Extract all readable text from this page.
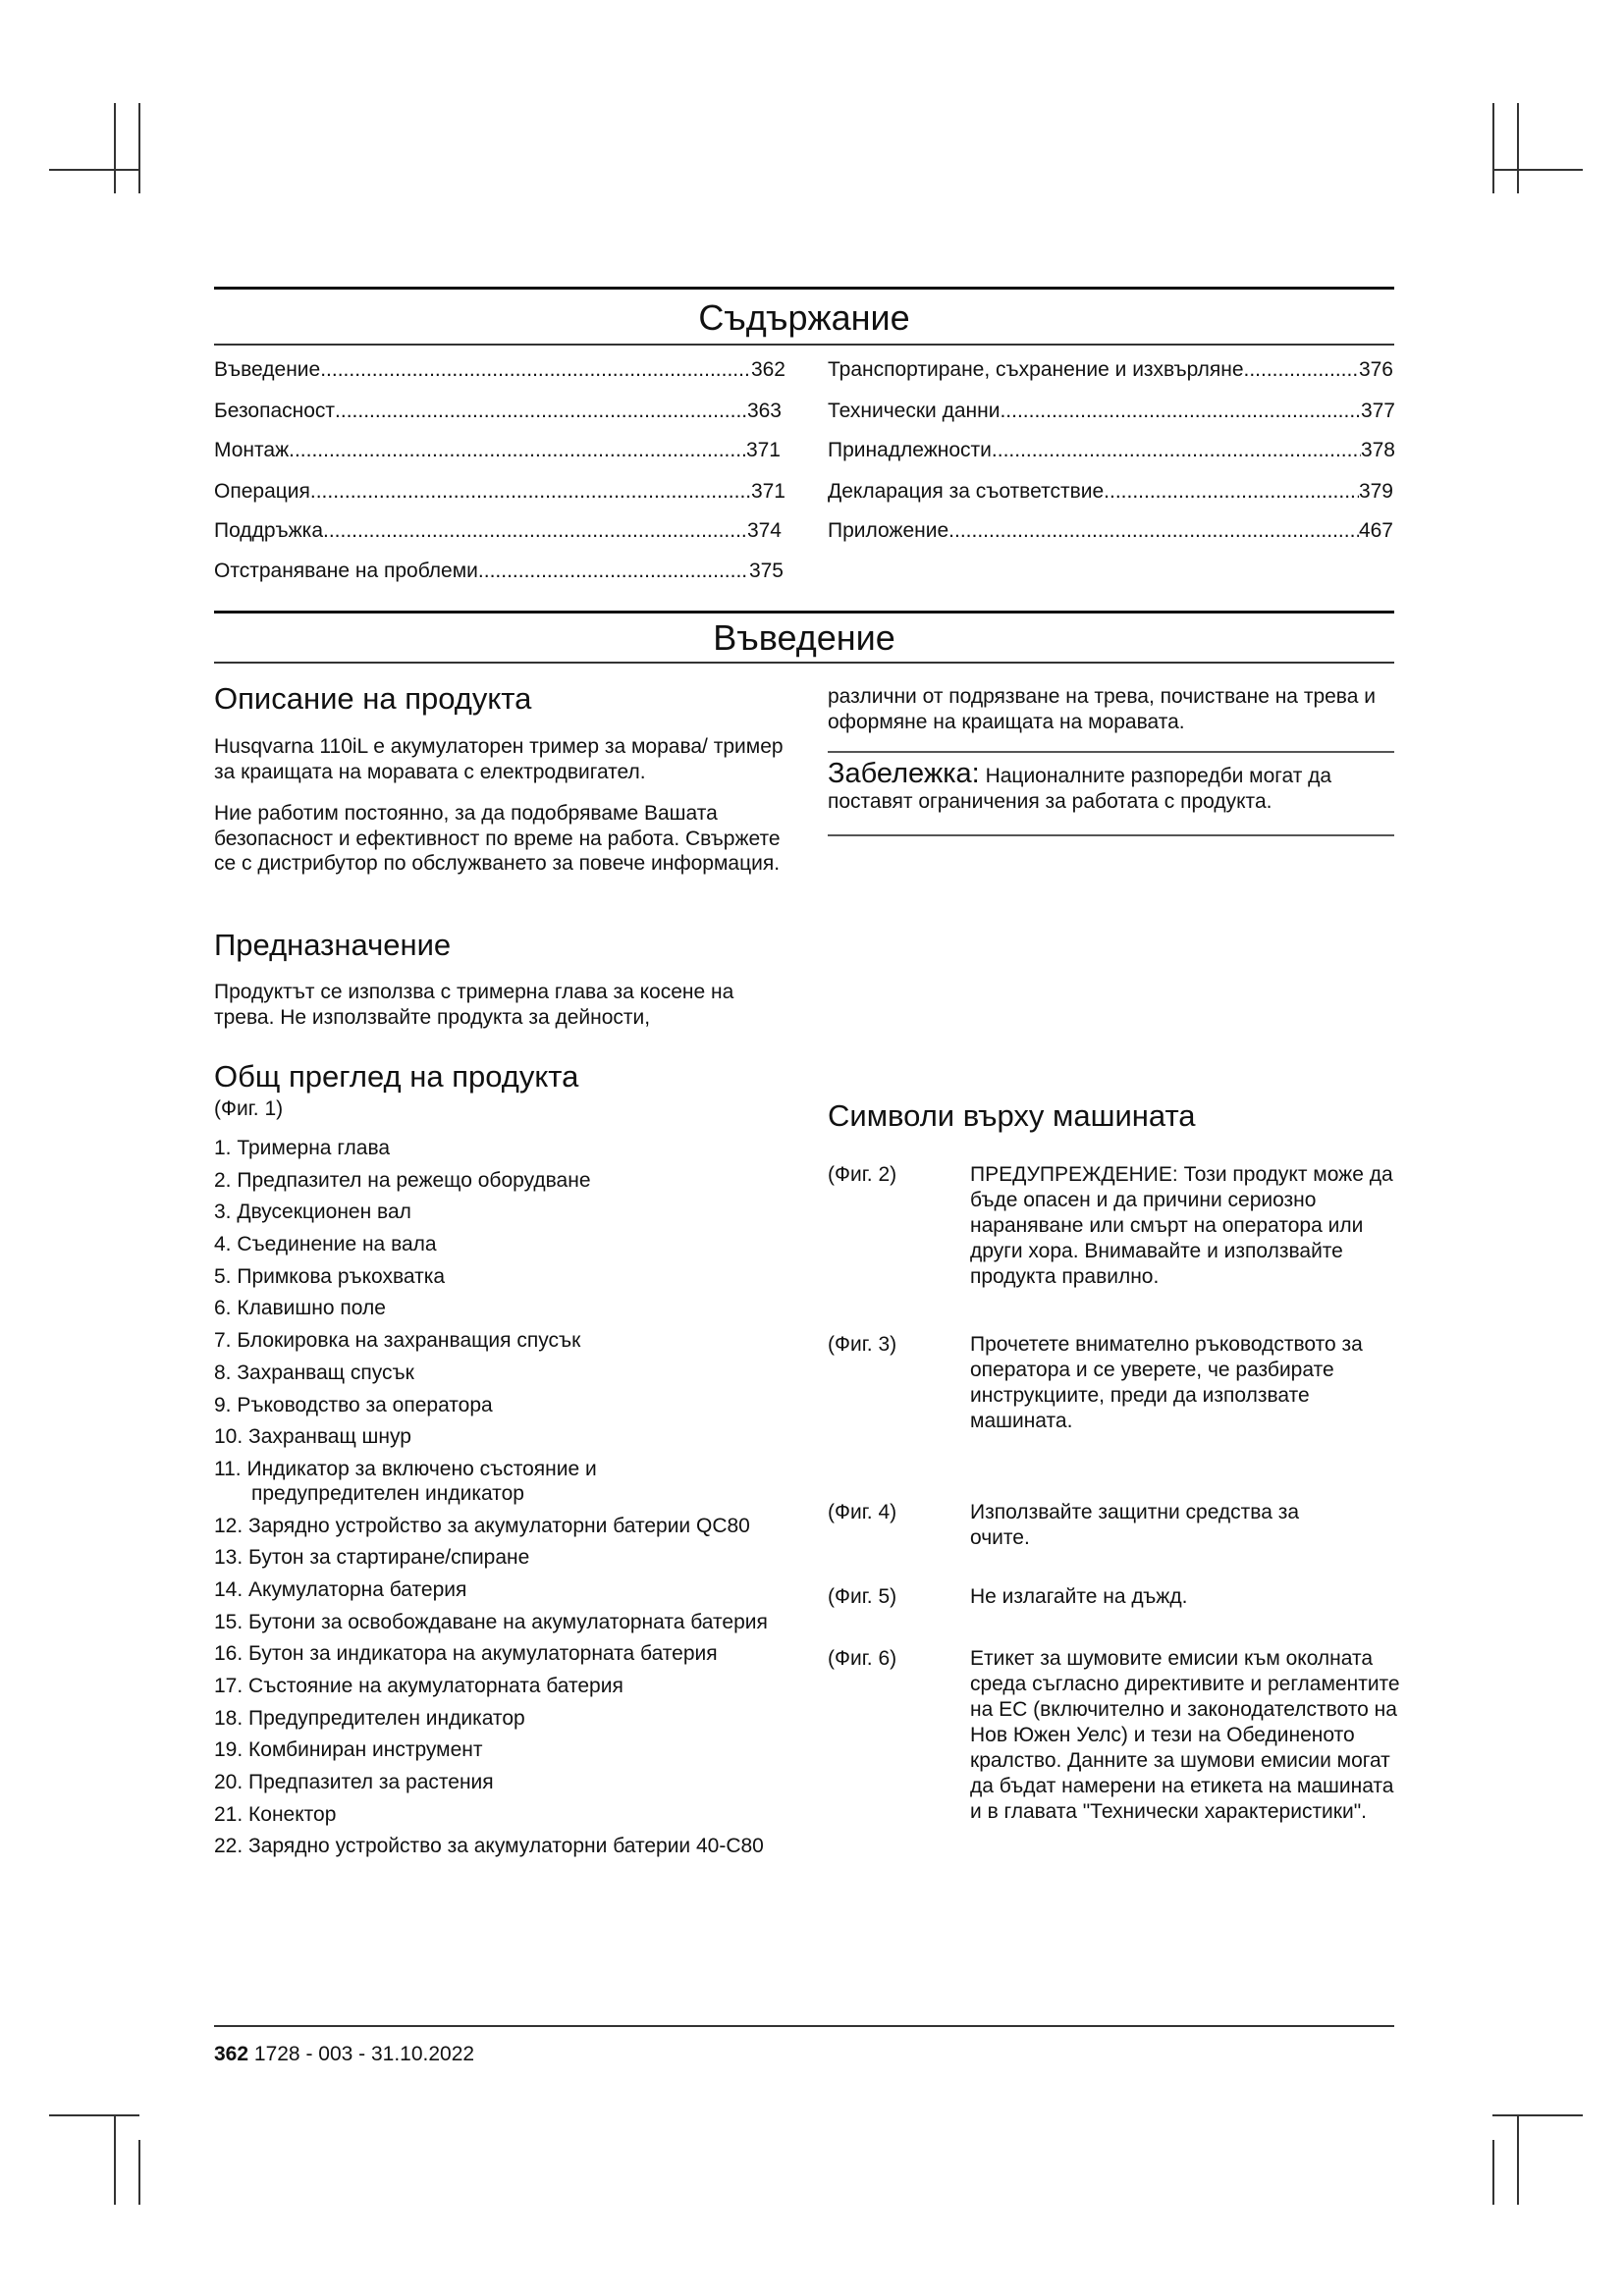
Съдържание
Въведение .....	362
Безопасност .....	363
Монтаж .....	371
Операция .....	371
Поддръжка .....	374
Отстраняване на проблеми .....	375
Транспортиране, съхранение и изхвърляне .....	376
Технически данни .....	377
Принадлежности .....	378
Декларация за съответствие .....	379
Приложение .....	467
Въведение
Описание на продукта
Husqvarna 110iL е акумулаторен тример за морава/ тример за краищата на моравата с електродвигател.
Ние работим постоянно, за да подобряваме Вашата безопасност и ефективност по време на работа. Свържете се с дистрибутор по обслужването за повече информация.
Предназначение
Продуктът се използва с тримерна глава за косене на трева. Не използвайте продукта за дейности,
Общ преглед на продукта
(Фиг. 1)
1. Тримерна глава
2. Предпазител на режещо оборудване
3. Двусекционен вал
4. Съединение на вала
5. Примкова ръкохватка
6. Клавишно поле
7. Блокировка на захранващия спусък
8. Захранващ спусък
9. Ръководство за оператора
10. Захранващ шнур
11. Индикатор за включено състояние и предупредителен индикатор
12. Зарядно устройство за акумулаторни батерии QC80
13. Бутон за стартиране/спиране
14. Акумулаторна батерия
15. Бутони за освобождаване на акумулаторната батерия
16. Бутон за индикатора на акумулаторната батерия
17. Състояние на акумулаторната батерия
18. Предупредителен индикатор
19. Комбиниран инструмент
20. Предпазител за растения
21. Конектор
22. Зарядно устройство за акумулаторни батерии 40-C80
различни от подрязване на трева, почистване на трева и оформяне на краищата на моравата.
Забележка: Националните разпоредби могат да поставят ограничения за работата с продукта.
Символи върху машината
(Фиг. 2)	ПРЕДУПРЕЖДЕНИЕ: Този продукт може да бъде опасен и да причини сериозно нараняване или смърт на оператора или други хора. Внимавайте и използвайте продукта правилно.
(Фиг. 3)	Прочетете внимателно ръководството за оператора и се уверете, че разбирате инструкциите, преди да използвате машината.
(Фиг. 4)	Използвайте защитни средства за очите.
(Фиг. 5)	Не излагайте на дъжд.
(Фиг. 6)	Етикет за шумовите емисии към околната среда съгласно директивите и регламентите на ЕС (включително и законодателството на Нов Южен Уелс) и тези на Обединеното кралство. Данните за шумови емисии могат да бъдат намерени на етикета на машината и в главата "Технически характеристики".
362 1728 - 003 - 31.10.2022
